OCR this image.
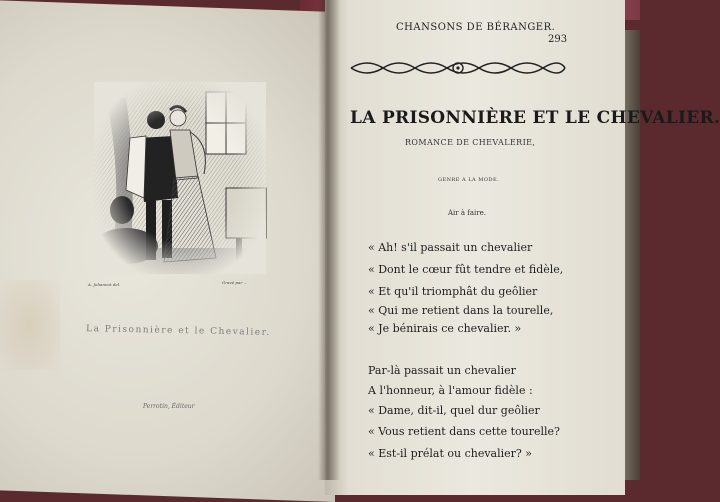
A. Johannot del.	Gravé par ...
La Prisonnière et le Chevalier.
Perrotin, Éditeur
CHANSONS DE BÉRANGER.
293
LA PRISONNIÈRE ET LE CHEVALIER.
ROMANCE DE CHEVALERIE,
GENRE A LA MODE.
Air à faire.
« Ah! s'il passait un chevalier
« Dont le cœur fût tendre et fidèle,
« Et qu'il triomphât du geôlier
« Qui me retient dans la tourelle,
« Je bénirais ce chevalier. »
Par-là passait un chevalier
A l'honneur, à l'amour fidèle :
« Dame, dit-il, quel dur geôlier
« Vous retient dans cette tourelle?
« Est-il prélat ou chevalier? »
